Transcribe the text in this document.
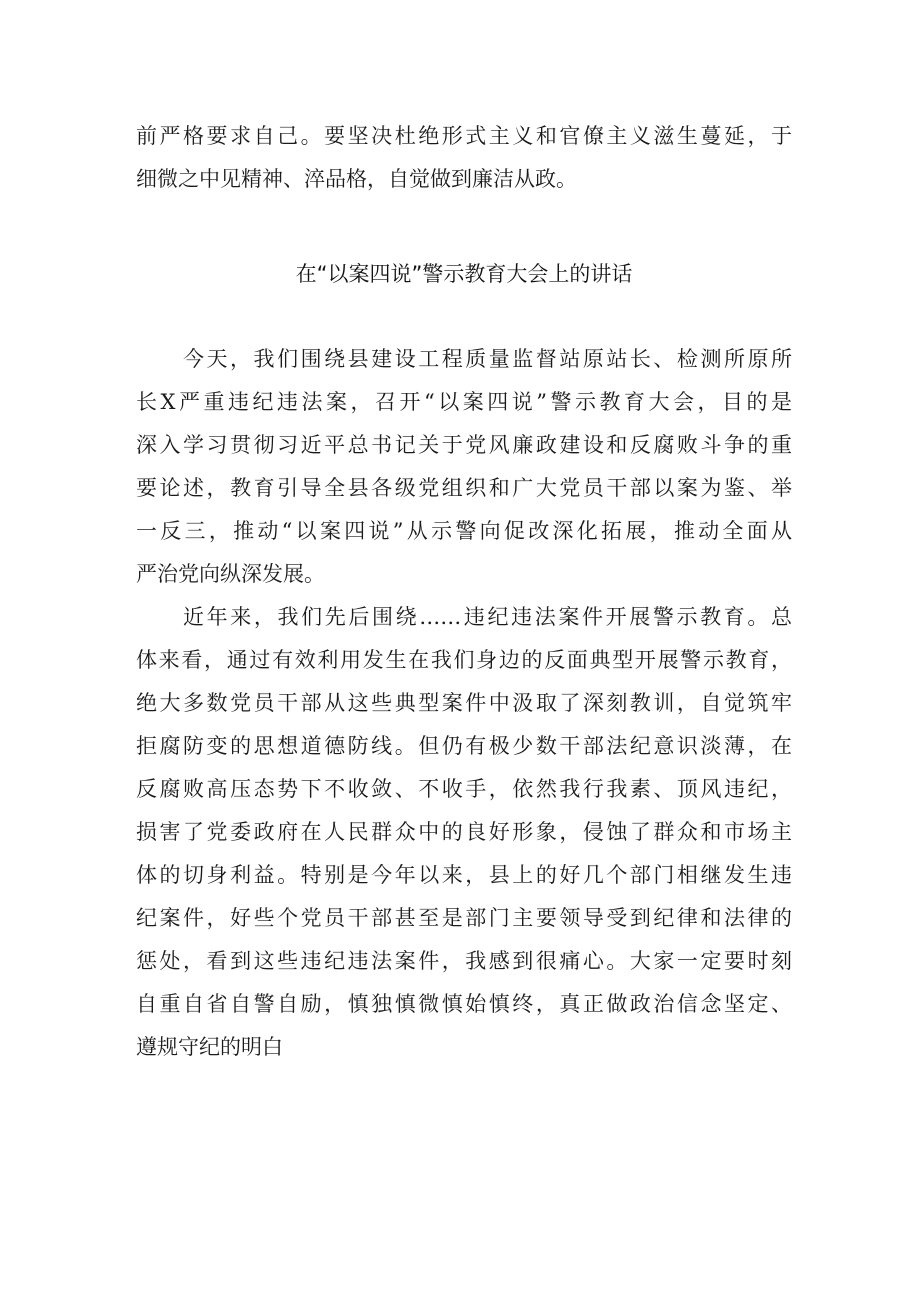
前严格要求自己。要坚决杜绝形式主义和官僚主义滋生蔓延，于
细微之中见精神、淬品格，自觉做到廉洁从政。
在“以案四说”警示教育大会上的讲话
今天，我们围绕县建设工程质量监督站原站长、检测所原所
长X严重违纪违法案，召开“以案四说”警示教育大会，目的是
深入学习贯彻习近平总书记关于党风廉政建设和反腐败斗争的重
要论述，教育引导全县各级党组织和广大党员干部以案为鉴、举
一反三，推动“以案四说”从示警向促改深化拓展，推动全面从
严治党向纵深发展。
近年来，我们先后围绕……违纪违法案件开展警示教育。总
体来看，通过有效利用发生在我们身边的反面典型开展警示教育，
绝大多数党员干部从这些典型案件中汲取了深刻教训，自觉筑牢
拒腐防变的思想道德防线。但仍有极少数干部法纪意识淡薄，在
反腐败高压态势下不收敛、不收手，依然我行我素、顶风违纪，
损害了党委政府在人民群众中的良好形象，侵蚀了群众和市场主
体的切身利益。特别是今年以来，县上的好几个部门相继发生违
纪案件，好些个党员干部甚至是部门主要领导受到纪律和法律的
惩处，看到这些违纪违法案件，我感到很痛心。大家一定要时刻
自重自省自警自励，慎独慎微慎始慎终，真正做政治信念坚定、
遵规守纪的明白
